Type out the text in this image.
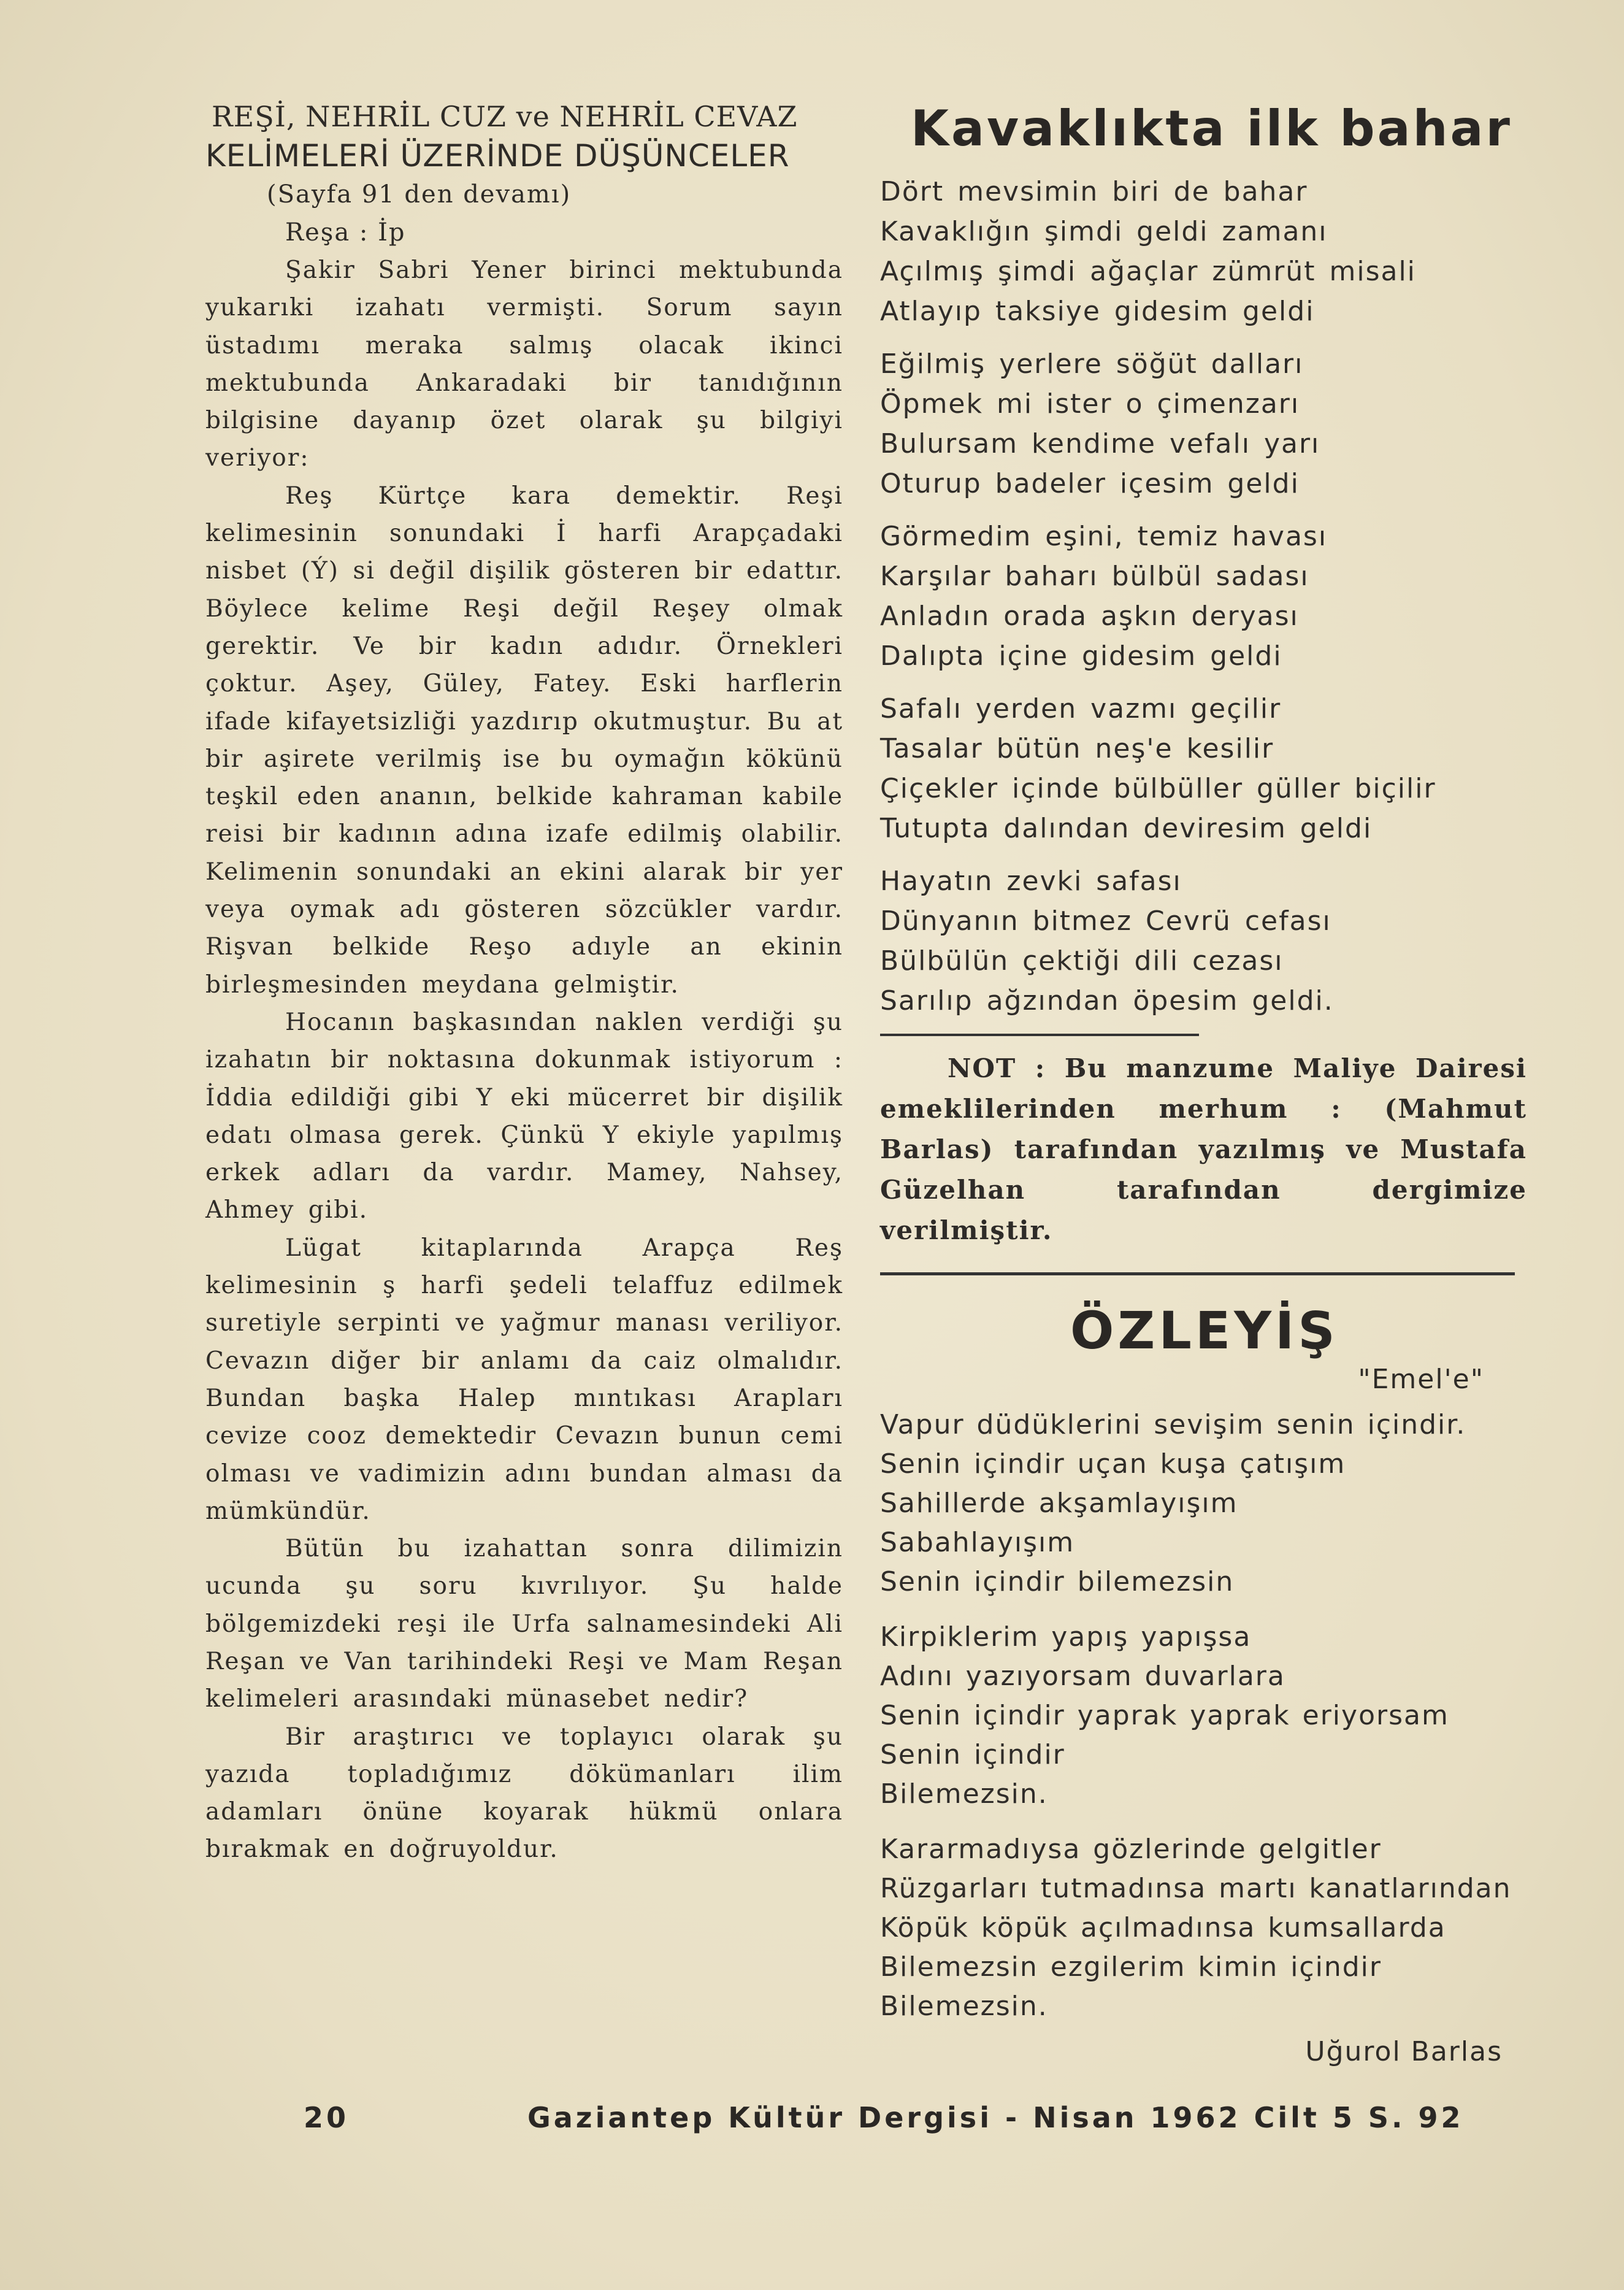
REŞİ, NEHRİL CUZ ve NEHRİL CEVAZ
KELİMELERİ ÜZERİNDE DÜŞÜNCELER
(Sayfa 91 den devamı)
Reşa : İp

Şakir Sabri Yener birinci mektubunda yukarıki izahatı vermişti. Sorum sayın üstadımı meraka salmış olacak ikinci mektubunda Ankaradaki bir tanıdığının bilgisine dayanıp özet olarak şu bilgiyi veriyor:

Reş Kürtçe kara demektir. Reşi kelimesinin sonundaki İ harfi Arapçadaki nisbet (Ý) si değil dişilik gösteren bir edattır. Böylece kelime Reşi değil Reşey olmak gerektir. Ve bir kadın adıdır. Örnekleri çoktur. Aşey, Güley, Fatey. Eski harflerin ifade kifayetsizliği yazdırıp okutmuştur. Bu at bir aşirete verilmiş ise bu oymağın kökünü teşkil eden ananın, belkide kahraman kabile reisi bir kadının adına izafe edilmiş olabilir. Kelimenin sonundaki an ekini alarak bir yer veya oymak adı gösteren sözcükler vardır. Rişvan belkide Reşo adıyle an ekinin birleşmesinden meydana gelmiştir.

Hocanın başkasından naklen verdiği şu izahatın bir noktasına dokunmak istiyorum : İddia edildiği gibi Y eki mücerret bir dişilik edatı olmasa gerek. Çünkü Y ekiyle yapılmış erkek adları da vardır. Mamey, Nahsey, Ahmey gibi.

Lügat kitaplarında Arapça Reş kelimesinin ş harfi şedeli telaffuz edilmek suretiyle serpinti ve yağmur manası veriliyor. Cevazın diğer bir anlamı da caiz olmalıdır. Bundan başka Halep mıntıkası Arapları cevize cooz demektedir Cevazın bunun cemi olması ve vadimizin adını bundan alması da mümkündür.

Bütün bu izahattan sonra dilimizin ucunda şu soru kıvrılıyor. Şu halde bölgemizdeki reşi ile Urfa salnamesindeki Ali Reşan ve Van tarihindeki Reşi ve Mam Reşan kelimeleri arasındaki münasebet nedir?

Bir araştırıcı ve toplayıcı olarak şu yazıda topladığımız dökümanları ilim adamları önüne koyarak hükmü onlara bırakmak en doğruyoldur.

Kavaklıkta ilk bahar
Dört mevsimin biri de bahar
Kavaklığın şimdi geldi zamanı
Açılmış şimdi ağaçlar zümrüt misali
Atlayıp taksiye gidesim geldi
Eğilmiş yerlere söğüt dalları
Öpmek mi ister o çimenzarı
Bulursam kendime vefalı yarı
Oturup badeler içesim geldi
Görmedim eşini, temiz havası
Karşılar baharı bülbül sadası
Anladın orada aşkın deryası
Dalıpta içine gidesim geldi
Safalı yerden vazmı geçilir
Tasalar bütün neş'e kesilir
Çiçekler içinde bülbüller güller biçilir
Tutupta dalından deviresim geldi
Hayatın zevki safası
Dünyanın bitmez Cevrü cefası
Bülbülün çektiği dili cezası
Sarılıp ağzından öpesim geldi.

NOT : Bu manzume Maliye Dairesi emeklilerinden merhum : (Mahmut Barlas) tarafından yazılmış ve Mustafa Güzelhan tarafından dergimize verilmiştir.

ÖZLEYİŞ
"Emel'e"
Vapur düdüklerini sevişim senin içindir.
Senin içindir uçan kuşa çatışım
Sahillerde akşamlayışım
Sabahlayışım
Senin içindir bilemezsin
Kirpiklerim yapış yapışsa
Adını yazıyorsam duvarlara
Senin içindir yaprak yaprak eriyorsam
Senin içindir
Bilemezsin.
Kararmadıysa gözlerinde gelgitler
Rüzgarları tutmadınsa martı kanatlarından
Köpük köpük açılmadınsa kumsallarda
Bilemezsin ezgilerim kimin içindir
Bilemezsin.
Uğurol Barlas
20	Gaziantep Kültür Dergisi - Nisan 1962 Cilt 5 S. 92
